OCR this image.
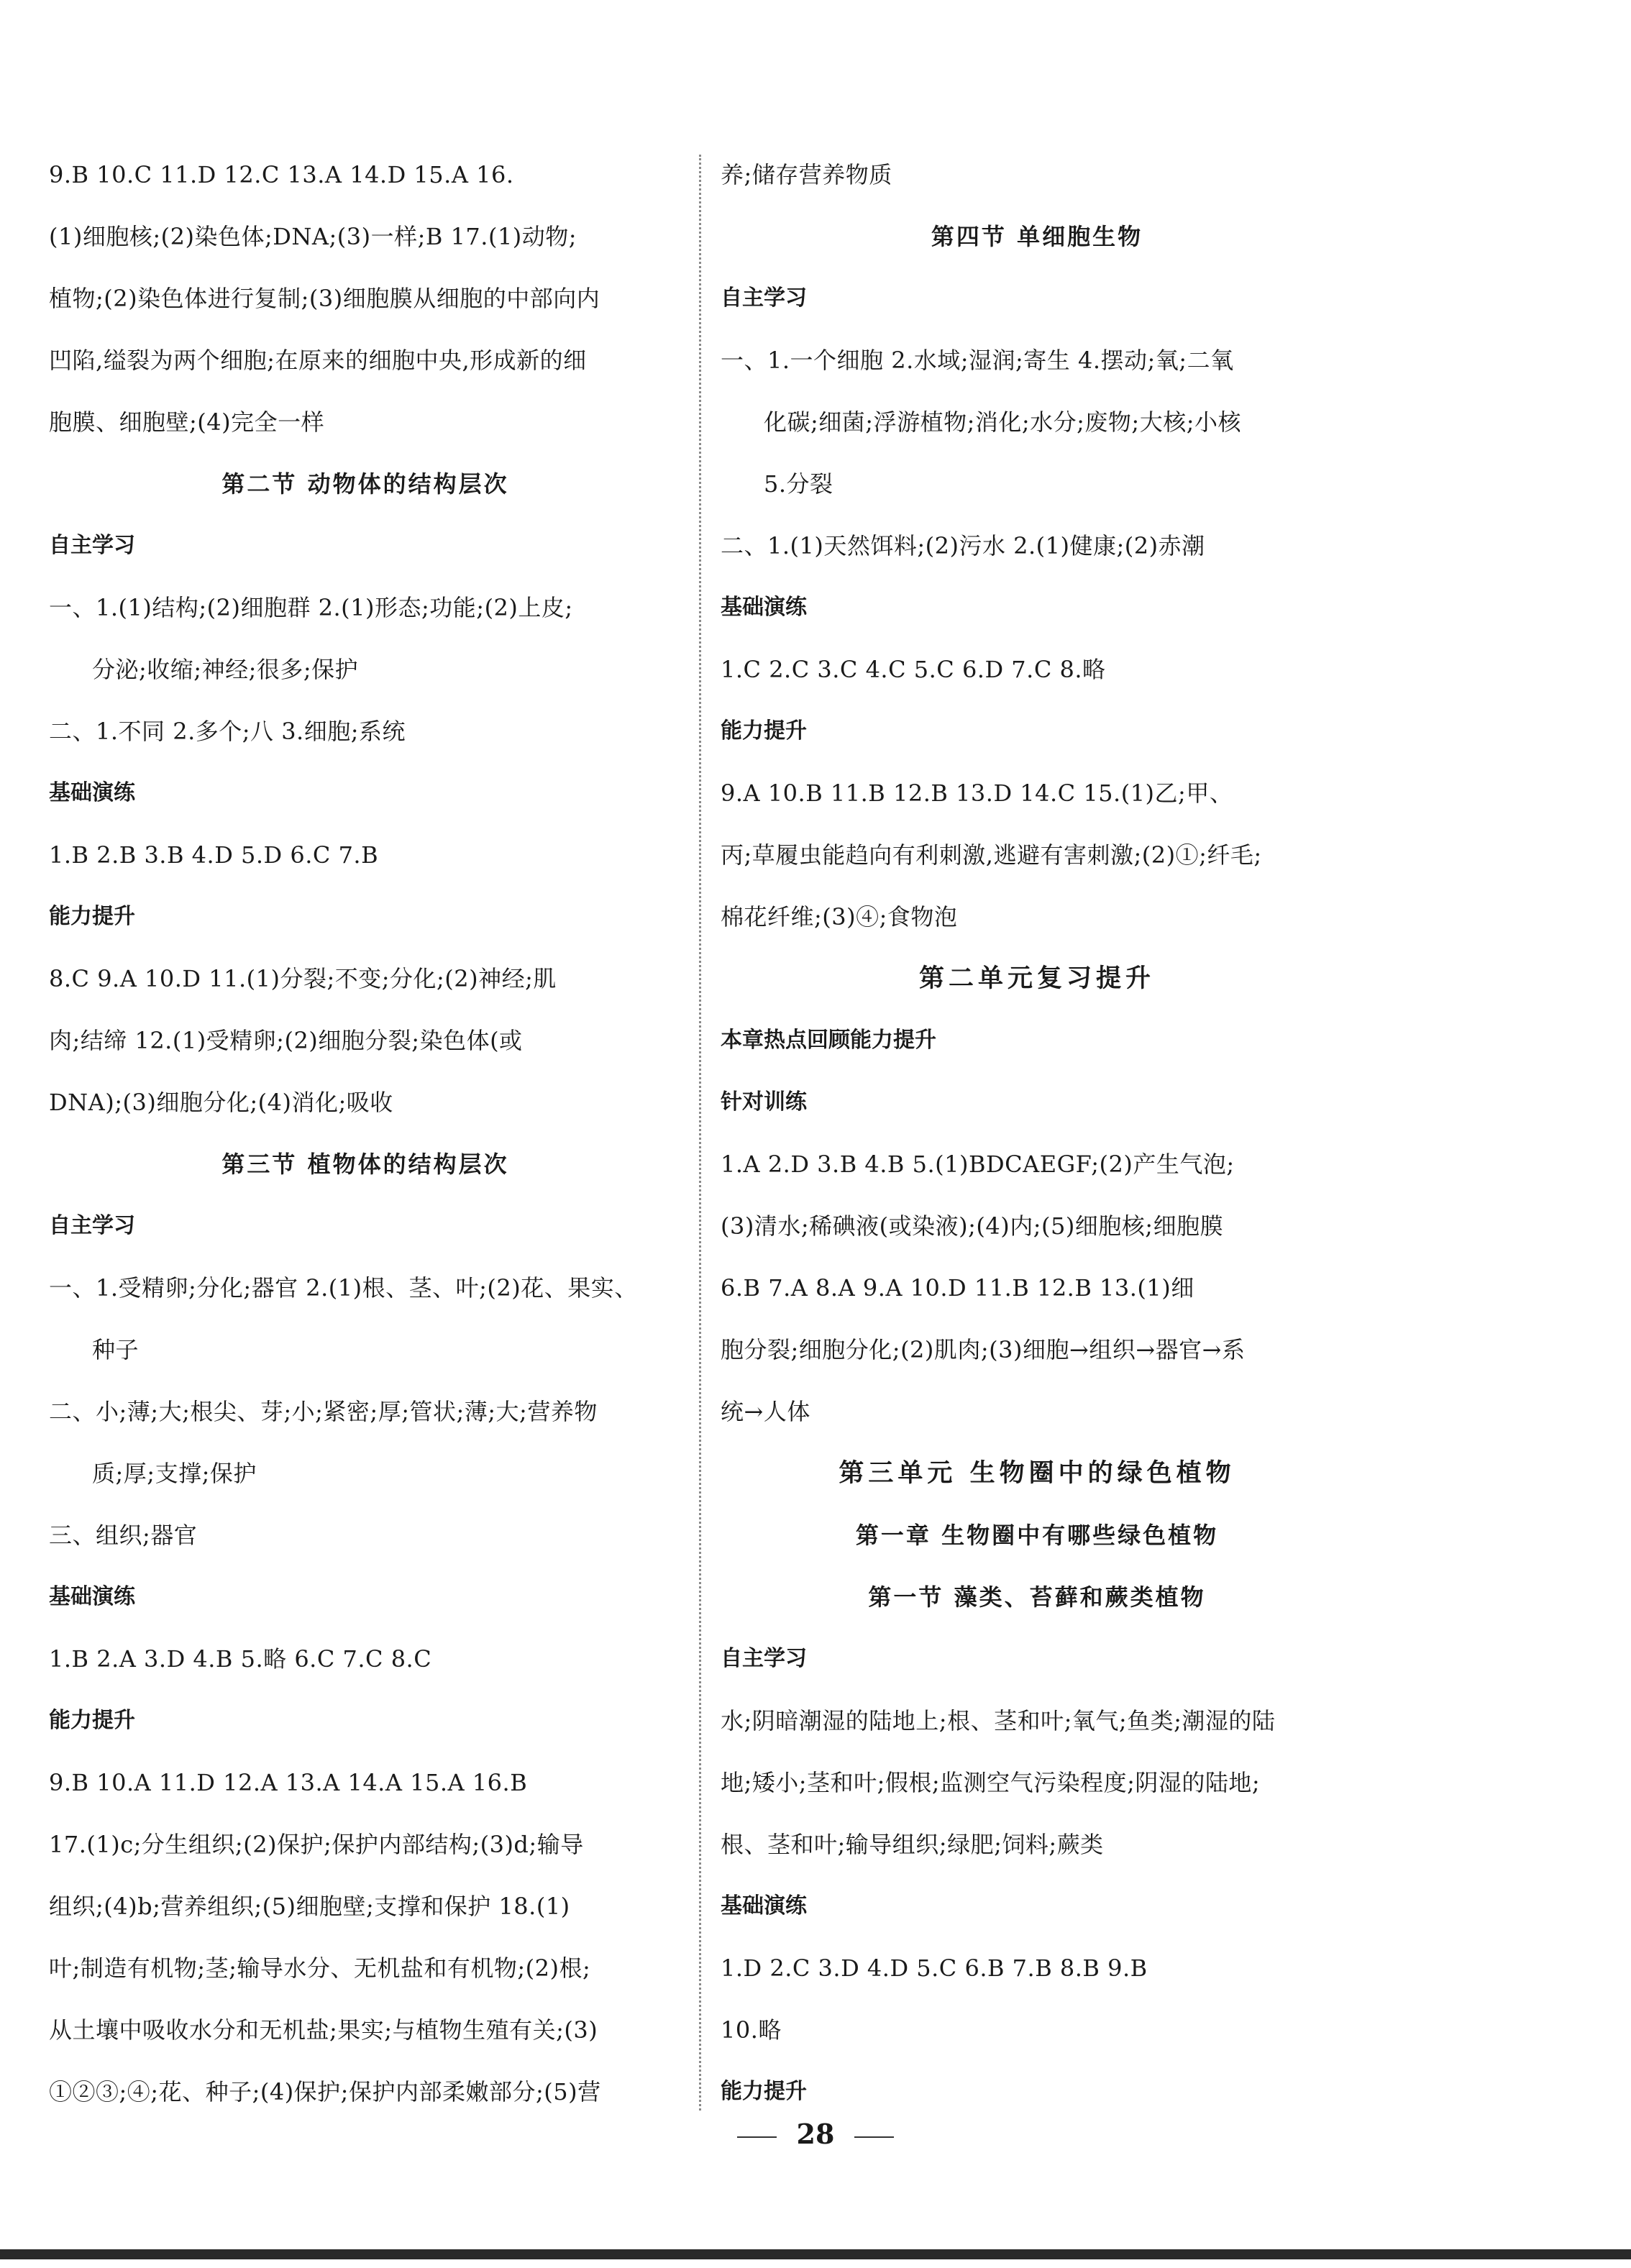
9.B 10.C 11.D 12.C 13.A 14.D 15.A 16.
(1)细胞核;(2)染色体;DNA;(3)一样;B 17.(1)动物;
植物;(2)染色体进行复制;(3)细胞膜从细胞的中部向内
凹陷,缢裂为两个细胞;在原来的细胞中央,形成新的细
胞膜、细胞壁;(4)完全一样
第二节 动物体的结构层次
自主学习
一、1.(1)结构;(2)细胞群 2.(1)形态;功能;(2)上皮;
分泌;收缩;神经;很多;保护
二、1.不同 2.多个;八 3.细胞;系统
基础演练
1.B 2.B 3.B 4.D 5.D 6.C 7.B
能力提升
8.C 9.A 10.D 11.(1)分裂;不变;分化;(2)神经;肌
肉;结缔 12.(1)受精卵;(2)细胞分裂;染色体(或
DNA);(3)细胞分化;(4)消化;吸收
第三节 植物体的结构层次
自主学习
一、1.受精卵;分化;器官 2.(1)根、茎、叶;(2)花、果实、
种子
二、小;薄;大;根尖、芽;小;紧密;厚;管状;薄;大;营养物
质;厚;支撑;保护
三、组织;器官
基础演练
1.B 2.A 3.D 4.B 5.略 6.C 7.C 8.C
能力提升
9.B 10.A 11.D 12.A 13.A 14.A 15.A 16.B
17.(1)c;分生组织;(2)保护;保护内部结构;(3)d;输导
组织;(4)b;营养组织;(5)细胞壁;支撑和保护 18.(1)
叶;制造有机物;茎;输导水分、无机盐和有机物;(2)根;
从土壤中吸收水分和无机盐;果实;与植物生殖有关;(3)
①②③;④;花、种子;(4)保护;保护内部柔嫩部分;(5)营
养;储存营养物质
第四节 单细胞生物
自主学习
一、1.一个细胞 2.水域;湿润;寄生 4.摆动;氧;二氧
化碳;细菌;浮游植物;消化;水分;废物;大核;小核
5.分裂
二、1.(1)天然饵料;(2)污水 2.(1)健康;(2)赤潮
基础演练
1.C 2.C 3.C 4.C 5.C 6.D 7.C 8.略
能力提升
9.A 10.B 11.B 12.B 13.D 14.C 15.(1)乙;甲、
丙;草履虫能趋向有利刺激,逃避有害刺激;(2)①;纤毛;
棉花纤维;(3)④;食物泡
第二单元复习提升
本章热点回顾能力提升
针对训练
1.A 2.D 3.B 4.B 5.(1)BDCAEGF;(2)产生气泡;
(3)清水;稀碘液(或染液);(4)内;(5)细胞核;细胞膜
6.B 7.A 8.A 9.A 10.D 11.B 12.B 13.(1)细
胞分裂;细胞分化;(2)肌肉;(3)细胞→组织→器官→系
统→人体
第三单元 生物圈中的绿色植物
第一章 生物圈中有哪些绿色植物
第一节 藻类、苔藓和蕨类植物
自主学习
水;阴暗潮湿的陆地上;根、茎和叶;氧气;鱼类;潮湿的陆
地;矮小;茎和叶;假根;监测空气污染程度;阴湿的陆地;
根、茎和叶;输导组织;绿肥;饲料;蕨类
基础演练
1.D 2.C 3.D 4.D 5.C 6.B 7.B 8.B 9.B
10.略
能力提升
28
